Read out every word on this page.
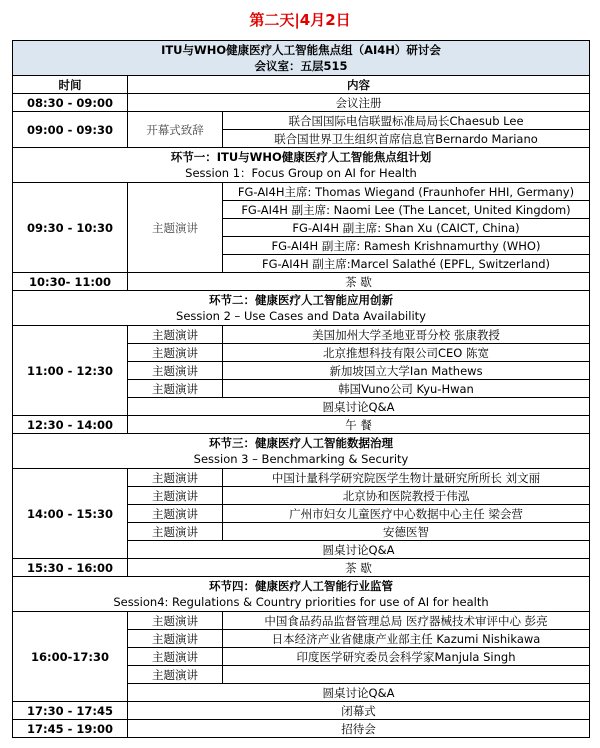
第二天|4月2日
ITU与WHO健康医疗人工智能焦点组（AI4H）研讨会
会议室：五层515		

时间	内容	
08:30 - 09:00	会议注册	
09:00 - 09:30	开幕式致辞	联合国国际电信联盟标准局局长Chaesub Lee
		联合国世界卫生组织首席信息官Bernardo Mariano

环节一：ITU与WHO健康医疗人工智能焦点组计划
Session 1：Focus Group on AI for Health		

09:30 - 10:30	主题演讲	FG-AI4H主席: Thomas Wiegand (Fraunhofer HHI, Germany)
		FG-AI4H 副主席: Naomi Lee (The Lancet, United Kingdom)
		FG-AI4H 副主席: Shan Xu (CAICT, China)
		FG-AI4H 副主席: Ramesh Krishnamurthy (WHO)
		FG-AI4H 副主席:Marcel Salathé (EPFL, Switzerland)
10:30- 11:00	茶 歇	

环节二：健康医疗人工智能应用创新
Session 2 – Use Cases and Data Availability		

11:00 - 12:30	主题演讲	美国加州大学圣地亚哥分校 张康教授
	主题演讲	北京推想科技有限公司CEO 陈宽
	主题演讲	新加坡国立大学Ian Mathews
	主题演讲	韩国Vuno公司 Kyu-Hwan
	圆桌讨论Q&A	
12:30 - 14:00	午 餐	

环节三：健康医疗人工智能数据治理
Session 3 – Benchmarking & Security		

14:00 - 15:30	主题演讲	中国计量科学研究院医学生物计量研究所所长 刘文丽
	主题演讲	北京协和医院教授于伟泓
	主题演讲	广州市妇女儿童医疗中心数据中心主任 梁会营
	主题演讲	安德医智
	圆桌讨论Q&A	
15:30 - 16:00	茶 歇	

环节四：健康医疗人工智能行业监管
Session4: Regulations & Country priorities for use of AI for health		

16:00-17:30	主题演讲	中国食品药品监督管理总局 医疗器械技术审评中心 彭亮
	主题演讲	日本经济产业省健康产业部主任 Kazumi Nishikawa
	主题演讲	印度医学研究委员会科学家Manjula Singh
	主题演讲	
	圆桌讨论Q&A	
17:30 - 17:45	闭幕式	
17:45 - 19:00	招待会	
